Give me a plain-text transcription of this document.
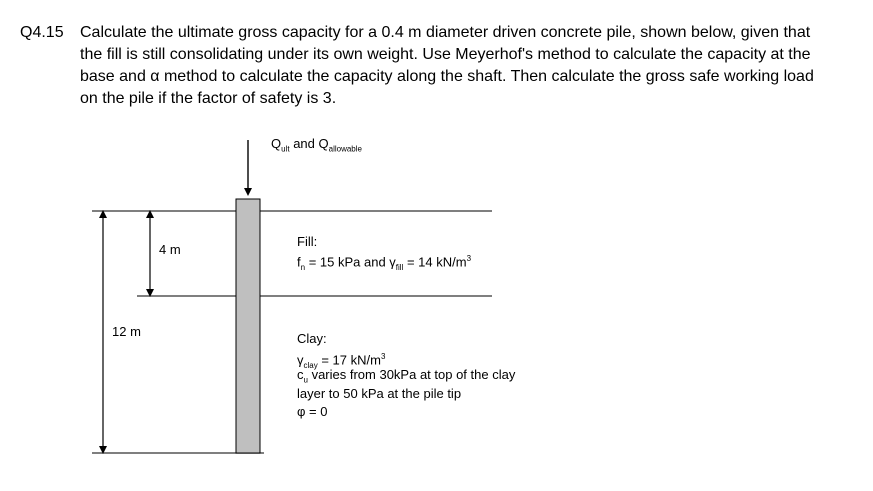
Q4.15 Calculate the ultimate gross capacity for a 0.4 m diameter driven concrete pile, shown below, given that
the fill is still consolidating under its own weight. Use Meyerhof's method to calculate the capacity at the
base and α method to calculate the capacity along the shaft. Then calculate the gross safe working load
on the pile if the factor of safety is 3.
$Q_{ult}$ and $Q_{allowable}$
12 m
4 m
Fill:
$f_n = 15$ kPa and $\gamma_{fill} = 14$ $kN/m^3$
Clay:
$\gamma_{clay} = 17$ $kN/m^3$
$c_u$ varies from 30kPa at top of the clay
layer to 50 kPa at the pile tip
φ = 0
